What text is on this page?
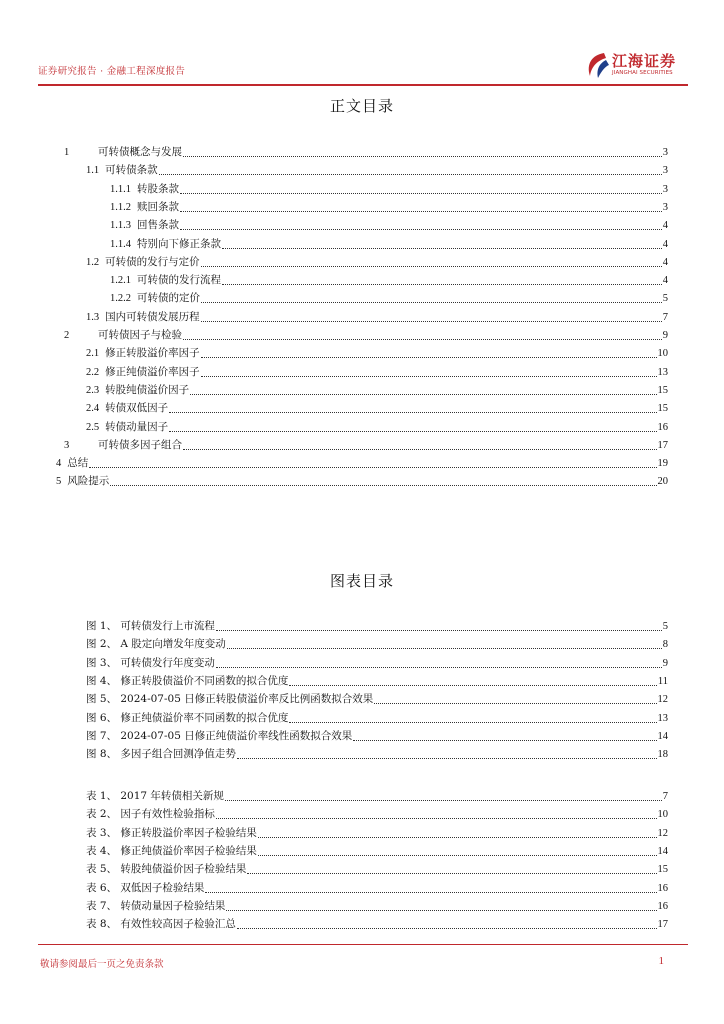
证券研究报告 · 金融工程深度报告
江海证券
JIANGHAI SECURITIES
正文目录
1	可转债概念与发展	3
1.1 可转债条款	3
1.1.1 转股条款	3
1.1.2 赎回条款	3
1.1.3 回售条款	4
1.1.4 特别向下修正条款	4
1.2 可转债的发行与定价	4
1.2.1 可转债的发行流程	4
1.2.2 可转债的定价	5
1.3 国内可转债发展历程	7
2	可转债因子与检验	9
2.1 修正转股溢价率因子	10
2.2 修正纯债溢价率因子	13
2.3 转股纯债溢价因子	15
2.4 转债双低因子	15
2.5 转债动量因子	16
3	可转债多因子组合	17
4 总结	19
5 风险提示	20
图表目录
图 1、 可转债发行上市流程	5
图 2、 A 股定向增发年度变动	8
图 3、 可转债发行年度变动	9
图 4、 修正转股债溢价不同函数的拟合优度	11
图 5、 2024-07-05 日修正转股债溢价率反比例函数拟合效果	12
图 6、 修正纯债溢价率不同函数的拟合优度	13
图 7、 2024-07-05 日修正纯债溢价率线性函数拟合效果	14
图 8、 多因子组合回测净值走势	18
表 1、 2017 年转债相关新规	7
表 2、 因子有效性检验指标	10
表 3、 修正转股溢价率因子检验结果	12
表 4、 修正纯债溢价率因子检验结果	14
表 5、 转股纯债溢价因子检验结果	15
表 6、 双低因子检验结果	16
表 7、 转债动量因子检验结果	16
表 8、 有效性较高因子检验汇总	17
敬请参阅最后一页之免责条款	1
